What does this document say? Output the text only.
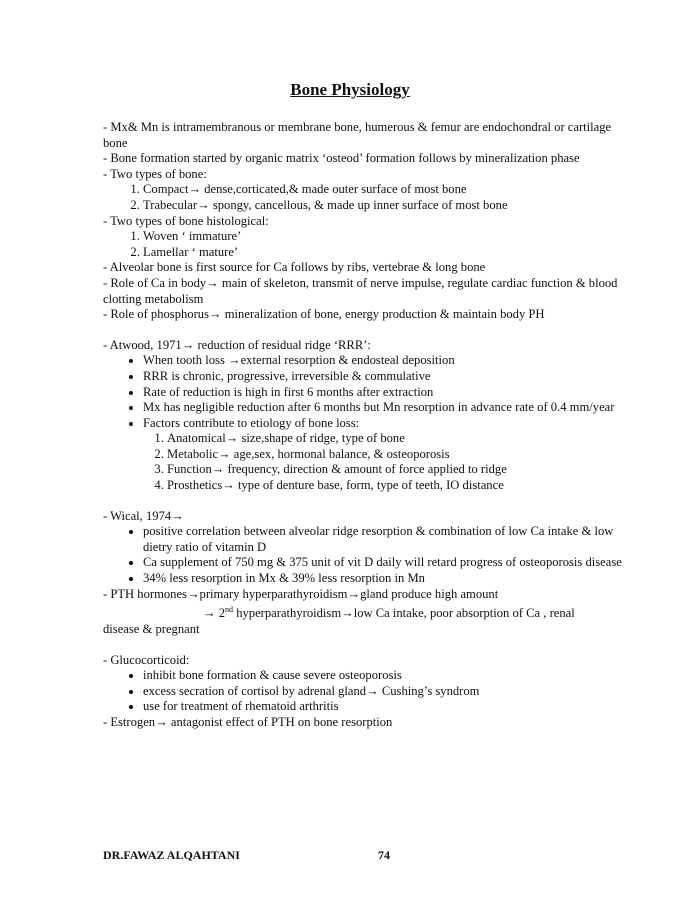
Bone Physiology

- Mx& Mn is intramembranous or membrane bone, humerous & femur are endochondral or cartilage bone

- Bone formation started by organic matrix ‘osteod’ formation follows by mineralization phase

- Two types of bone:

1. Compact→ dense,corticated,& made outer surface of most bone
2. Trabecular→ spongy, cancellous, & made up inner surface of most bone

- Two types of bone histological:

1. Woven ‘ immature’
2. Lamellar ‘ mature’

- Alveolar bone is first source for Ca follows by ribs, vertebrae & long bone

- Role of Ca in body→ main of skeleton, transmit of nerve impulse, regulate cardiac function & blood clotting metabolism

- Role of phosphorus→ mineralization of bone, energy production & maintain body PH

- Atwood, 1971→ reduction of residual ridge ‘RRR’:

• When tooth loss →external resorption & endosteal deposition
• RRR is chronic, progressive, irreversible & commulative
• Rate of reduction is high in first 6 months after extraction
• Mx has negligible reduction after 6 months but Mn resorption in advance rate of 0.4 mm/year
• Factors contribute to etiology of bone loss:
1. Anatomical→ size,shape of ridge, type of bone
2. Metabolic→ age,sex, hormonal balance, & osteoporosis
3. Function→ frequency, direction & amount of force applied to ridge
4. Prosthetics→ type of denture base, form, type of teeth, IO distance

- Wical, 1974→

• positive correlation between alveolar ridge resorption & combination of low Ca intake & low dietry ratio of vitamin D
• Ca supplement of 750 mg & 375 unit of vit D daily will retard progress of osteoporosis disease
• 34% less resorption in Mx & 39% less resorption in Mn

- PTH hormones→primary hyperparathyroidism→gland produce high amount

→ 2nd hyperparathyroidism→low Ca intake, poor absorption of Ca , renal

disease & pregnant

- Glucocorticoid:

• inhibit bone formation & cause severe osteoporosis
• excess secration of cortisol by adrenal gland→ Cushing’s syndrom
• use for treatment of rhematoid arthritis

- Estrogen→ antagonist effect of PTH on bone resorption

DR.FAWAZ ALQAHTANI	74
